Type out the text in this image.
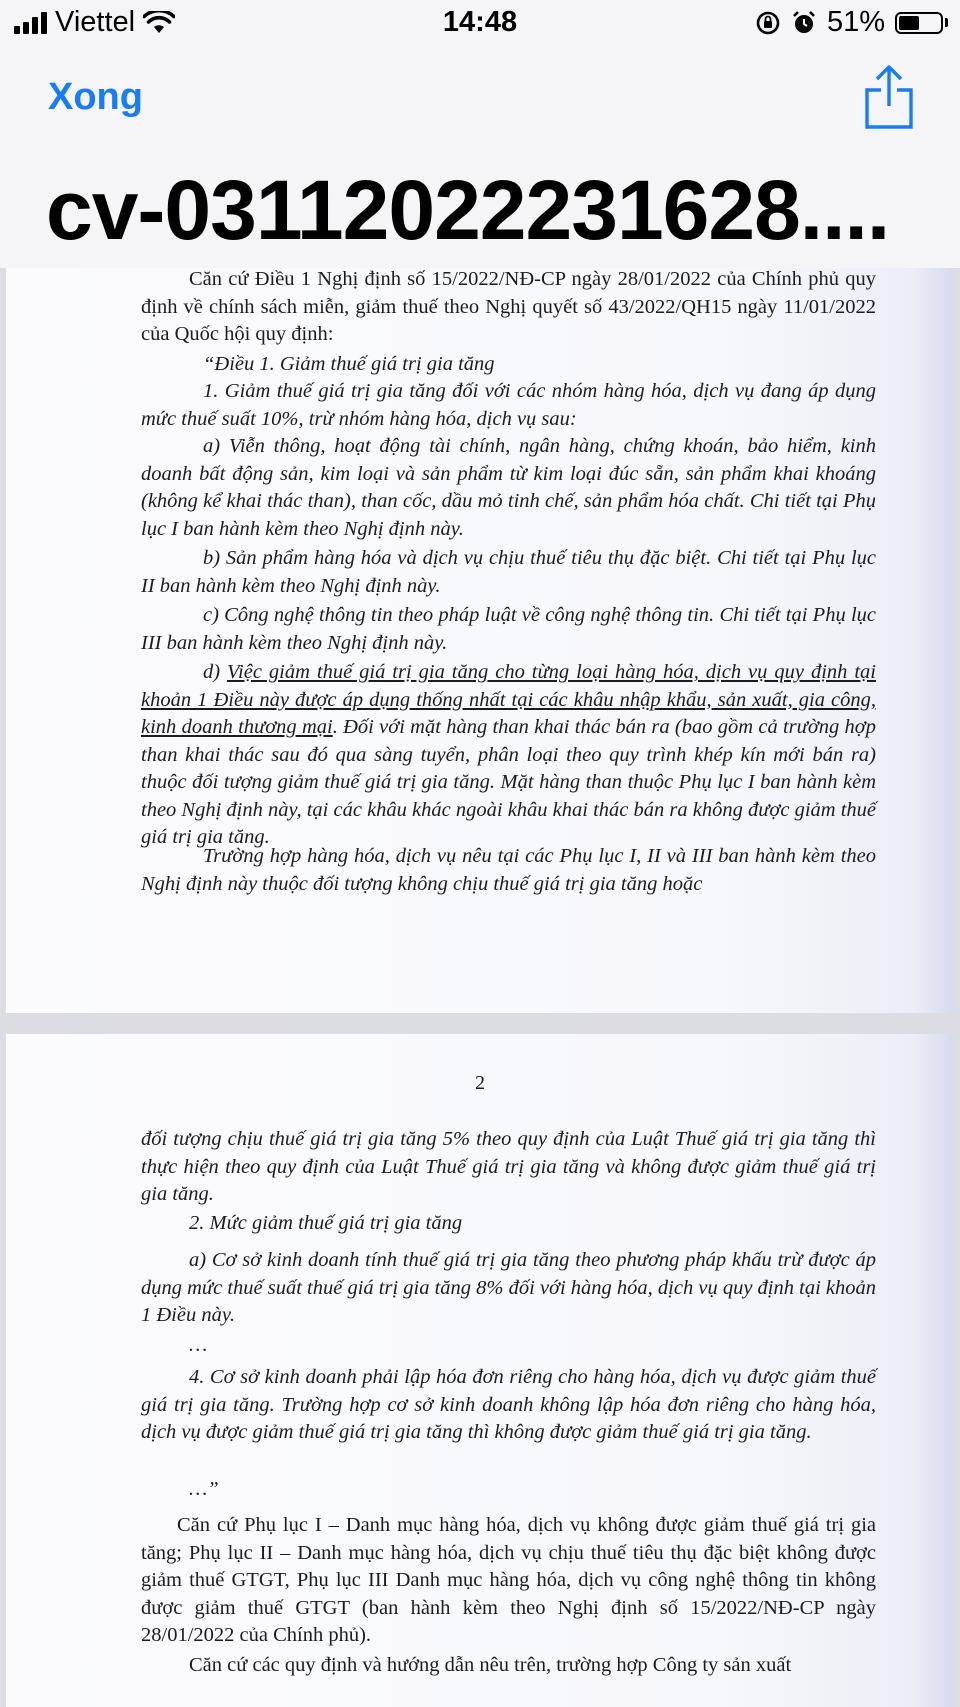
Viettel	14:48	51%
Xong
cv-03112022231628....

Căn cứ Điều 1 Nghị định số 15/2022/NĐ-CP ngày 28/01/2022 của Chính phủ quy định về chính sách miễn, giảm thuế theo Nghị quyết số 43/2022/QH15 ngày 11/01/2022 của Quốc hội quy định:

“Điều 1. Giảm thuế giá trị gia tăng

1. Giảm thuế giá trị gia tăng đối với các nhóm hàng hóa, dịch vụ đang áp dụng mức thuế suất 10%, trừ nhóm hàng hóa, dịch vụ sau:

a) Viễn thông, hoạt động tài chính, ngân hàng, chứng khoán, bảo hiểm, kinh doanh bất động sản, kim loại và sản phẩm từ kim loại đúc sẵn, sản phẩm khai khoáng (không kể khai thác than), than cốc, dầu mỏ tinh chế, sản phẩm hóa chất. Chi tiết tại Phụ lục I ban hành kèm theo Nghị định này.

b) Sản phẩm hàng hóa và dịch vụ chịu thuế tiêu thụ đặc biệt. Chi tiết tại Phụ lục II ban hành kèm theo Nghị định này.

c) Công nghệ thông tin theo pháp luật về công nghệ thông tin. Chi tiết tại Phụ lục III ban hành kèm theo Nghị định này.

d) Việc giảm thuế giá trị gia tăng cho từng loại hàng hóa, dịch vụ quy định tại khoản 1 Điều này được áp dụng thống nhất tại các khâu nhập khẩu, sản xuất, gia công, kinh doanh thương mại. Đối với mặt hàng than khai thác bán ra (bao gồm cả trường hợp than khai thác sau đó qua sàng tuyển, phân loại theo quy trình khép kín mới bán ra) thuộc đối tượng giảm thuế giá trị gia tăng. Mặt hàng than thuộc Phụ lục I ban hành kèm theo Nghị định này, tại các khâu khác ngoài khâu khai thác bán ra không được giảm thuế giá trị gia tăng.

Trường hợp hàng hóa, dịch vụ nêu tại các Phụ lục I, II và III ban hành kèm theo Nghị định này thuộc đối tượng không chịu thuế giá trị gia tăng hoặc

2

đối tượng chịu thuế giá trị gia tăng 5% theo quy định của Luật Thuế giá trị gia tăng thì thực hiện theo quy định của Luật Thuế giá trị gia tăng và không được giảm thuế giá trị gia tăng.

2. Mức giảm thuế giá trị gia tăng

a) Cơ sở kinh doanh tính thuế giá trị gia tăng theo phương pháp khấu trừ được áp dụng mức thuế suất thuế giá trị gia tăng 8% đối với hàng hóa, dịch vụ quy định tại khoản 1 Điều này.

…

4. Cơ sở kinh doanh phải lập hóa đơn riêng cho hàng hóa, dịch vụ được giảm thuế giá trị gia tăng. Trường hợp cơ sở kinh doanh không lập hóa đơn riêng cho hàng hóa, dịch vụ được giảm thuế giá trị gia tăng thì không được giảm thuế giá trị gia tăng.

…”

Căn cứ Phụ lục I – Danh mục hàng hóa, dịch vụ không được giảm thuế giá trị gia tăng; Phụ lục II – Danh mục hàng hóa, dịch vụ chịu thuế tiêu thụ đặc biệt không được giảm thuế GTGT, Phụ lục III Danh mục hàng hóa, dịch vụ công nghệ thông tin không được giảm thuế GTGT (ban hành kèm theo Nghị định số 15/2022/NĐ-CP ngày 28/01/2022 của Chính phủ).

Căn cứ các quy định và hướng dẫn nêu trên, trường hợp Công ty sản xuất
